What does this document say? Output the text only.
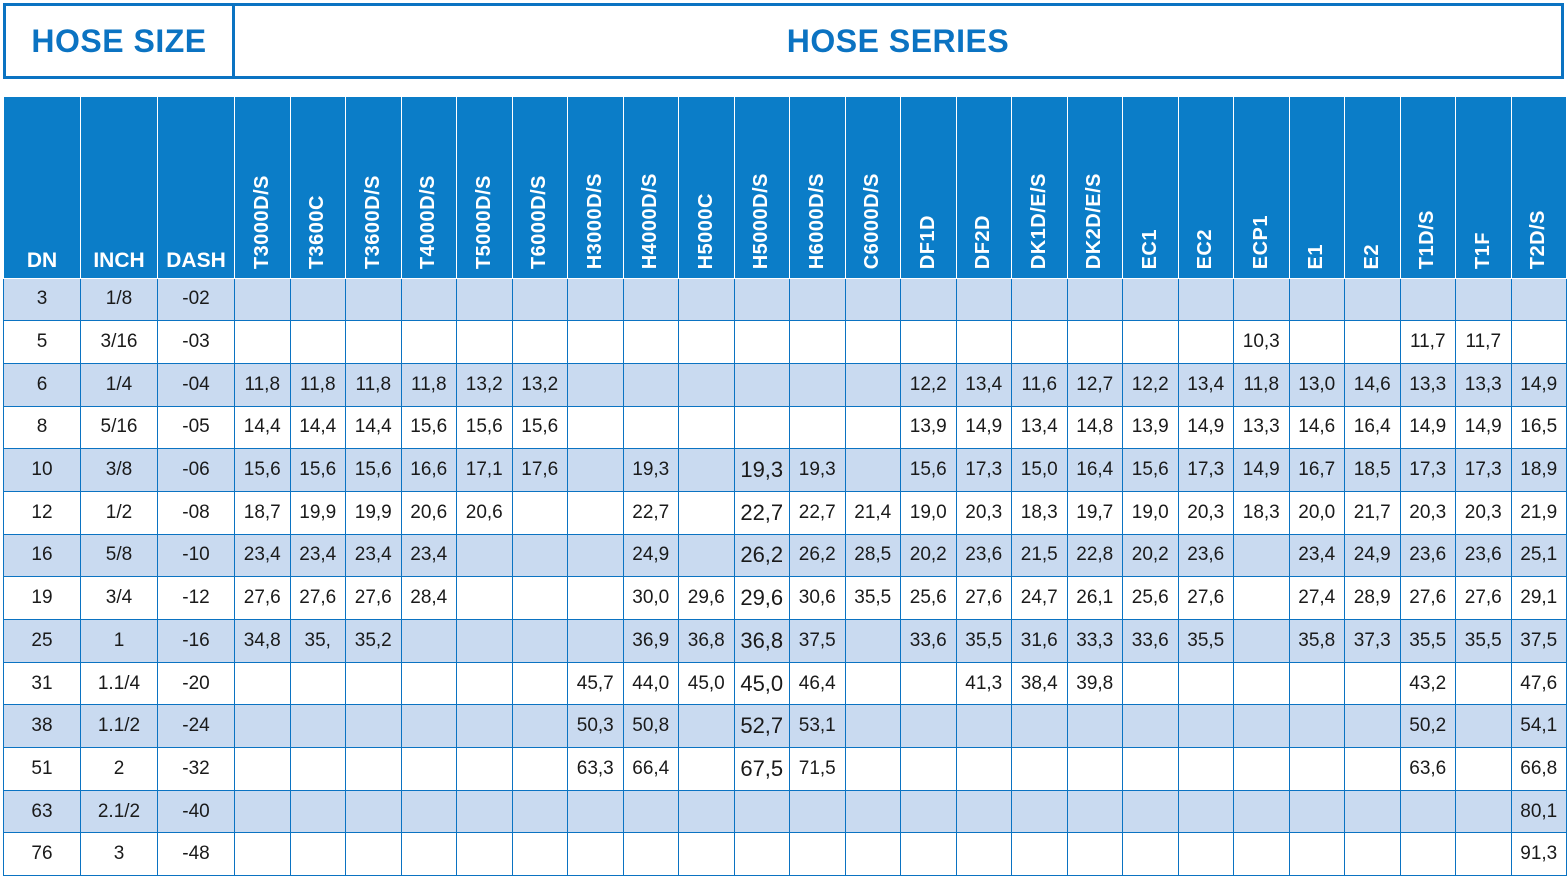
HOSE SIZE	HOSE SERIES
DN	INCH	DASH	T3000D/S	T3600C	T3600D/S	T4000D/S	T5000D/S	T6000D/S	H3000D/S	H4000D/S	H5000C	H5000D/S	H6000D/S	C6000D/S	DF1D	DF2D	DK1D/E/S	DK2D/E/S	EC1	EC2	ECP1	E1	E2	T1D/S	T1F	T2D/S

3	1/8	-02																								
5	3/16	-03																			10,3			11,7	11,7	
6	1/4	-04	11,8	11,8	11,8	11,8	13,2	13,2							12,2	13,4	11,6	12,7	12,2	13,4	11,8	13,0	14,6	13,3	13,3	14,9
8	5/16	-05	14,4	14,4	14,4	15,6	15,6	15,6							13,9	14,9	13,4	14,8	13,9	14,9	13,3	14,6	16,4	14,9	14,9	16,5
10	3/8	-06	15,6	15,6	15,6	16,6	17,1	17,6		19,3		19,3	19,3		15,6	17,3	15,0	16,4	15,6	17,3	14,9	16,7	18,5	17,3	17,3	18,9
12	1/2	-08	18,7	19,9	19,9	20,6	20,6			22,7		22,7	22,7	21,4	19,0	20,3	18,3	19,7	19,0	20,3	18,3	20,0	21,7	20,3	20,3	21,9
16	5/8	-10	23,4	23,4	23,4	23,4				24,9		26,2	26,2	28,5	20,2	23,6	21,5	22,8	20,2	23,6		23,4	24,9	23,6	23,6	25,1
19	3/4	-12	27,6	27,6	27,6	28,4				30,0	29,6	29,6	30,6	35,5	25,6	27,6	24,7	26,1	25,6	27,6		27,4	28,9	27,6	27,6	29,1
25	1	-16	34,8	35,	35,2					36,9	36,8	36,8	37,5		33,6	35,5	31,6	33,3	33,6	35,5		35,8	37,3	35,5	35,5	37,5
31	1.1/4	-20							45,7	44,0	45,0	45,0	46,4			41,3	38,4	39,8						43,2		47,6
38	1.1/2	-24							50,3	50,8		52,7	53,1											50,2		54,1
51	2	-32							63,3	66,4		67,5	71,5											63,6		66,8
63	2.1/2	-40																								80,1
76	3	-48																								91,3
